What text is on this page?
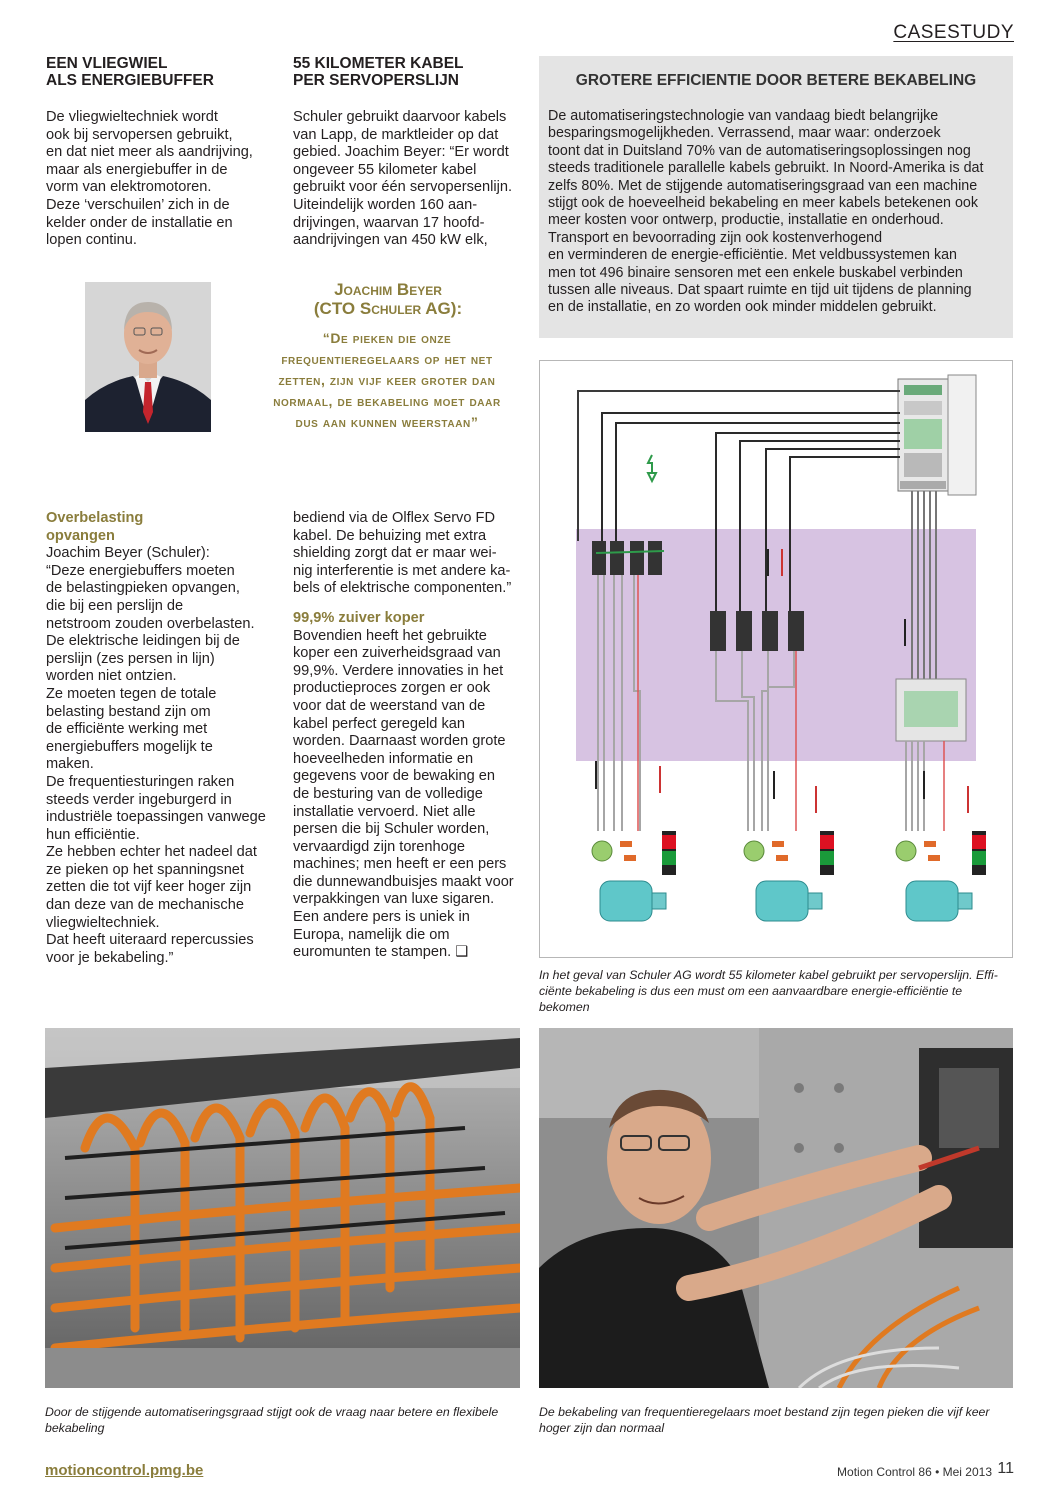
CASESTUDY
EEN VLIEGWIEL
ALS ENERGIEBUFFER

De vliegwieltechniek wordt

ook bij servopersen gebruikt,

en dat niet meer als aandrijving,

maar als energiebuffer in de

vorm van elektromotoren.

Deze ‘verschuilen’ zich in de

kelder onder de installatie en

lopen continu.

55 KILOMETER KABEL
PER SERVOPERSLIJN

Schuler gebruikt daarvoor kabels

van Lapp, de marktleider op dat

gebied. Joachim Beyer: “Er wordt

ongeveer 55 kilometer kabel

gebruikt voor één servopersenlijn.

Uiteindelijk worden 160 aan-

drijvingen, waarvan 17 hoofd-

aandrijvingen van 450 kW elk,

Joachim Beyer
(CTO Schuler AG):
“De pieken die onze
frequentieregelaars op het net
zetten, zijn vijf keer groter dan
normaal, de bekabeling moet daar
dus aan kunnen weerstaan”
GROTERE EFFICIENTIE DOOR BETERE BEKABELING

De automatiseringstechnologie van vandaag biedt belangrijke

besparingsmogelijkheden. Verrassend, maar waar: onderzoek

toont dat in Duitsland 70% van de automatiseringsoplossingen nog

steeds traditionele parallelle kabels gebruikt. In Noord-Amerika is dat

zelfs 80%. Met de stijgende automatiseringsgraad van een machine

stijgt ook de hoeveelheid bekabeling en meer kabels betekenen ook

meer kosten voor ontwerp, productie, installatie en onderhoud.

Transport en bevoorrading zijn ook kostenverhogend

en verminderen de energie-efficiëntie. Met veldbussystemen kan

men tot 496 binaire sensoren met een enkele buskabel verbinden

tussen alle niveaus. Dat spaart ruimte en tijd uit tijdens de planning

en de installatie, en zo worden ook minder middelen gebruikt.

In het geval van Schuler AG wordt 55 kilometer kabel gebruikt per servoperslijn. Effi-
ciënte bekabeling is dus een must om een aanvaardbare energie-efficiëntie te bekomen
Overbelasting
opvangen

Joachim Beyer (Schuler):

“Deze energiebuffers moeten

de belastingpieken opvangen,

die bij een perslijn de

netstroom zouden overbelasten.

De elektrische leidingen bij de

perslijn (zes persen in lijn)

worden niet ontzien.

Ze moeten tegen de totale

belasting bestand zijn om

de efficiënte werking met

energiebuffers mogelijk te

maken.

De frequentiesturingen raken

steeds verder ingeburgerd in

industriële toepassingen vanwege

hun efficiëntie.

Ze hebben echter het nadeel dat

ze pieken op het spanningsnet

zetten die tot vijf keer hoger zijn

dan deze van de mechanische

vliegwieltechniek.

Dat heeft uiteraard repercussies

voor je bekabeling.”

bediend via de Olflex Servo FD

kabel. De behuizing met extra

shielding zorgt dat er maar wei-

nig interferentie is met andere ka-

bels of elektrische componenten.”

99,9% zuiver koper

Bovendien heeft het gebruikte

koper een zuiverheidsgraad van

99,9%. Verdere innovaties in het

productieproces zorgen er ook

voor dat de weerstand van de

kabel perfect geregeld kan

worden. Daarnaast worden grote

hoeveelheden informatie en

gegevens voor de bewaking en

de besturing van de volledige

installatie vervoerd. Niet alle

persen die bij Schuler worden,

vervaardigd zijn torenhoge

machines; men heeft er een pers

die dunnewandbuisjes maakt voor

verpakkingen van luxe sigaren.

Een andere pers is uniek in

Europa, namelijk die om

euromunten te stampen. ❑

Door de stijgende automatiseringsgraad stijgt ook de vraag naar betere en flexibele
bekabeling
De bekabeling van frequentieregelaars moet bestand zijn tegen pieken die vijf keer
hoger zijn dan normaal
motioncontrol.pmg.be	Motion Control 86 • Mei 2013 11
